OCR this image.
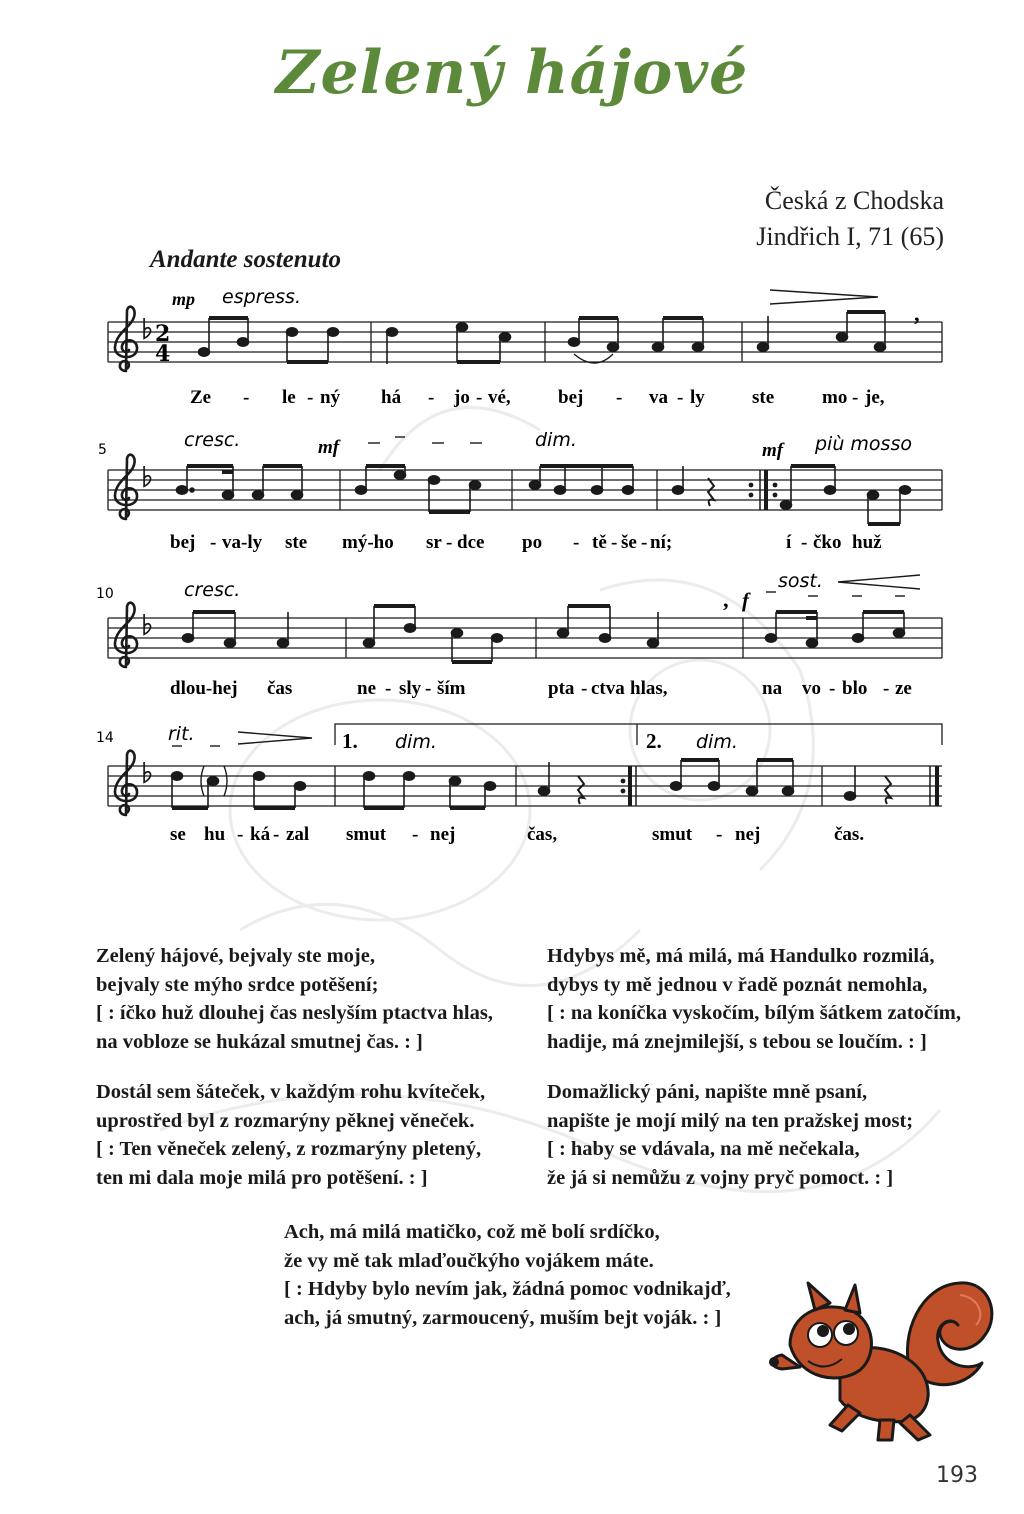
Zelený hájové
Česká z Chodska
Jindřich I, 71 (65)
Andante sostenuto
2
4
mp espress.
’
Ze - le - ný há - jo - vé, bej - va - ly ste	mo - je,
5	cresc.	mf	dim.	mf più mosso
bej - va-ly ste mý-ho sr - dce po - tě - še - ní;	í - čko huž
10	cresc.
’ f
sost.
dlou-hej čas	ne - sly - ším	pta - ctva hlas,	na vo - blo - ze
14	rit.	1. dim.	2. dim.
se hu - ká - zal smut - nej	čas,	smut - nej	čas.
Zelený hájové, bejvaly ste moje,
bejvaly ste mýho srdce potěšení;
[ : íčko huž dlouhej čas neslyším ptactva hlas,
na vobloze se hukázal smutnej čas. : ]
Hdybys mě, má milá, má Handulko rozmilá,
dybys ty mě jednou v řadě poznát nemohla,
[ : na koníčka vyskočím, bílým šátkem zatočím,
hadije, má znejmilejší, s tebou se loučím. : ]
Dostál sem šáteček, v každým rohu kvíteček,
uprostřed byl z rozmarýny pěknej věneček.
[ : Ten věneček zelený, z rozmarýny pletený,
ten mi dala moje milá pro potěšení. : ]
Domažlický páni, napište mně psaní,
napište je mojí milý na ten pražskej most;
[ : haby se vdávala, na mě nečekala,
že já si nemůžu z vojny pryč pomoct. : ]
Ach, má milá matičko, což mě bolí srdíčko,
že vy mě tak mlaďoučkýho vojákem máte.
[ : Hdyby bylo nevím jak, žádná pomoc vodnikajď,
ach, já smutný, zarmoucený, muším bejt voják. : ]
193
